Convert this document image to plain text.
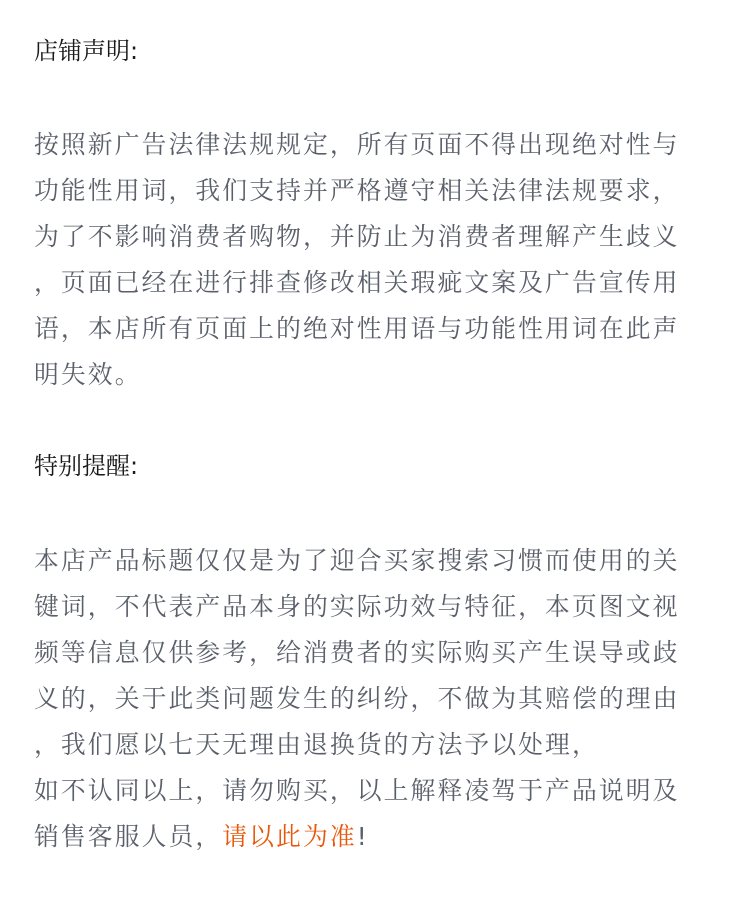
店铺声明:

按照新广告法律法规规定，所有页面不得出现绝对性与
功能性用词，我们支持并严格遵守相关法律法规要求，
为了不影响消费者购物，并防止为消费者理解产生歧义
，页面已经在进行排查修改相关瑕疵文案及广告宣传用
语，本店所有页面上的绝对性用语与功能性用词在此声
明失效。

特别提醒:

本店产品标题仅仅是为了迎合买家搜索习惯而使用的关
键词，不代表产品本身的实际功效与特征，本页图文视
频等信息仅供参考，给消费者的实际购买产生误导或歧
义的，关于此类问题发生的纠纷，不做为其赔偿的理由
，我们愿以七天无理由退换货的方法予以处理，
如不认同以上，请勿购买，以上解释凌驾于产品说明及
销售客服人员，请以此为准!
